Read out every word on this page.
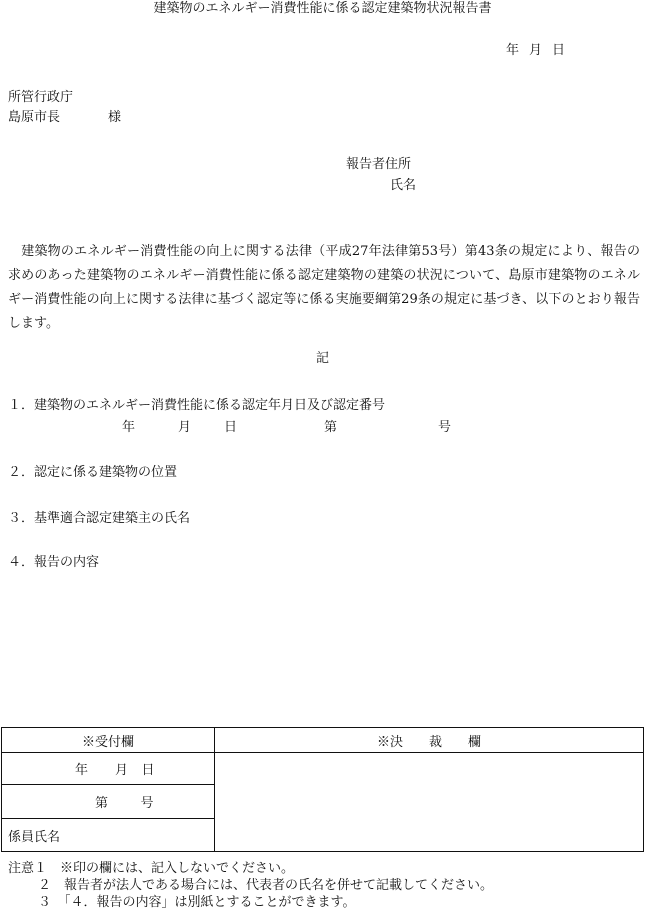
建築物のエネルギー消費性能に係る認定建築物状況報告書
年 月 日
所管行政庁
島原市長	様
報告者住所
氏名
建築物のエネルギー消費性能の向上に関する法律（平成27年法律第53号）第43条の規定により、報告の求めのあった建築物のエネルギー消費性能に係る認定建築物の建築の状況について、島原市建築物のエネルギー消費性能の向上に関する法律に基づく認定等に係る実施要綱第29条の規定に基づき、以下のとおり報告します。
記
１．建築物のエネルギー消費性能に係る認定年月日及び認定番号
年	月	日	第	号
２．認定に係る建築物の位置
３．基準適合認定建築主の氏名
４．報告の内容
※受付欄	※決　　裁　　欄
年 月 日	
第 号	
係員氏名	
注意１　※印の欄には、記入しないでください。
２　報告者が法人である場合には、代表者の氏名を併せて記載してください。
３　「４．報告の内容」は別紙とすることができます。
